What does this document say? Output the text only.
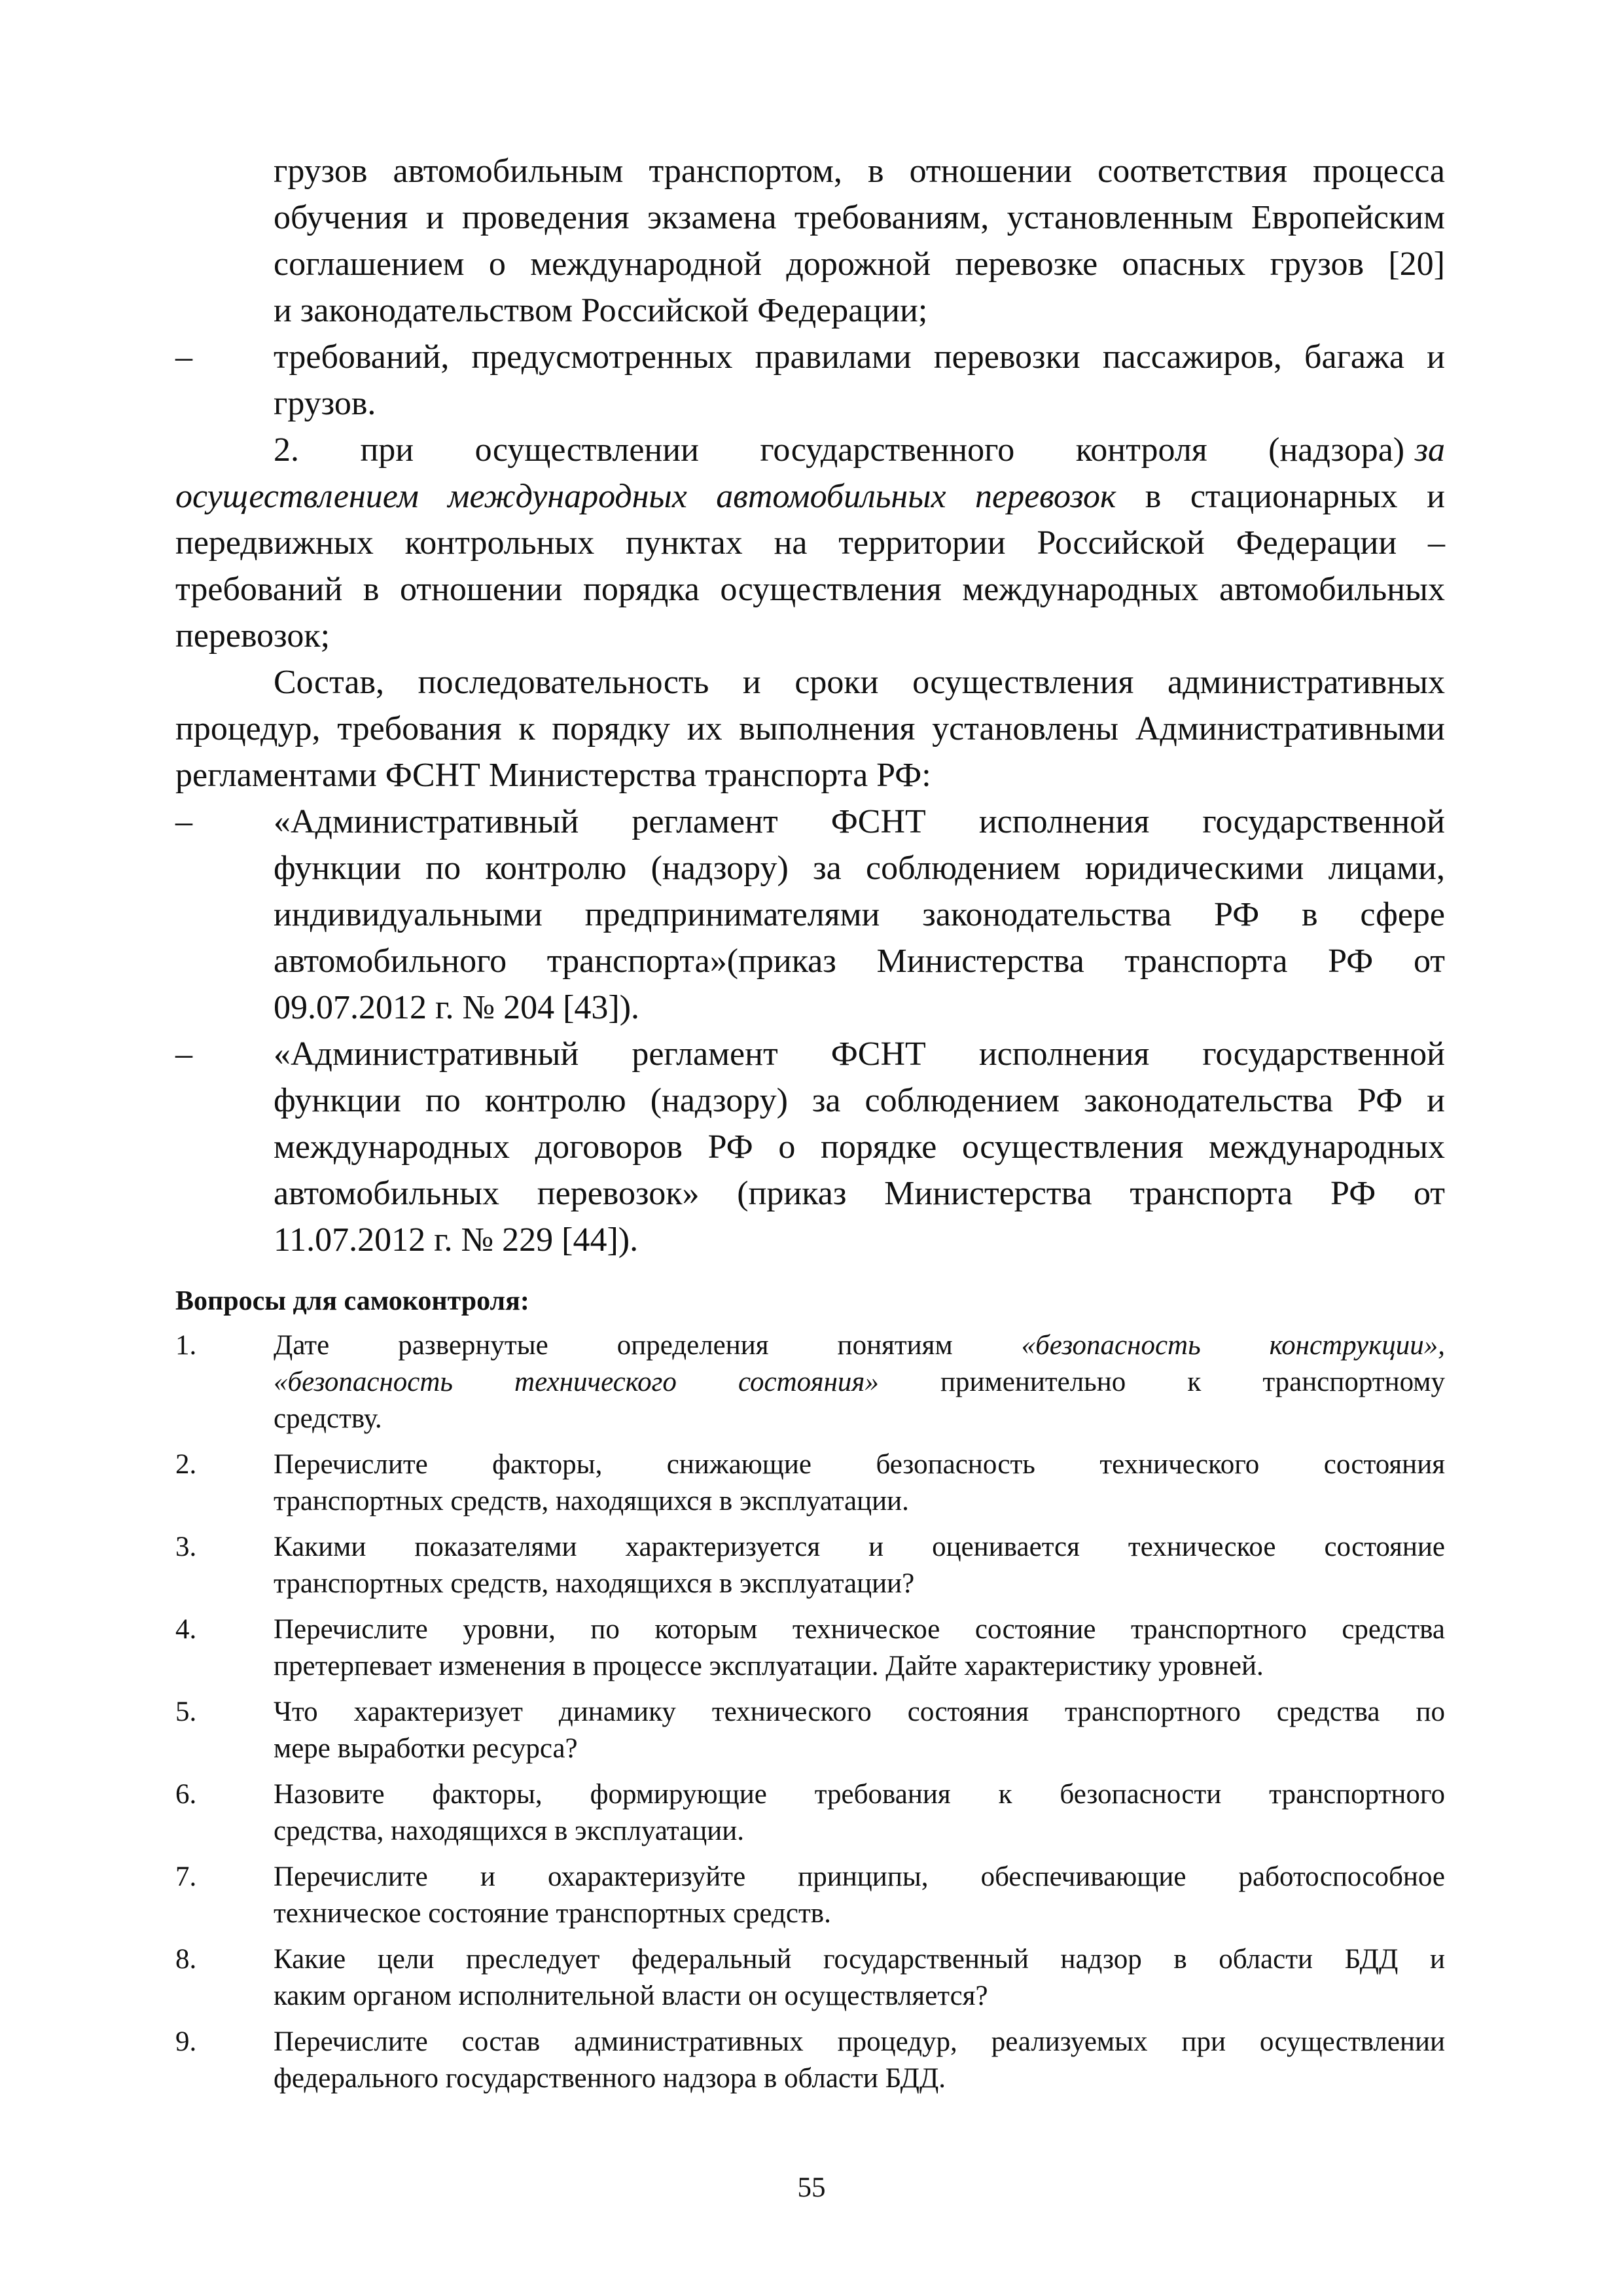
грузов автомобильным транспортом, в отношении соответствия процесса
обучения и проведения экзамена требованиям, установленным Европейским
соглашением о международной дорожной перевозке опасных грузов [20]
и законодательством Российской Федерации;
– требований, предусмотренных правилами перевозки пассажиров, багажа и
грузов.
2.      при      осуществлении      государственного      контроля      (надзора) за
осуществлением международных автомобильных перевозок в стационарных и
передвижных контрольных пунктах на территории Российской Федерации –
требований в отношении порядка осуществления международных автомобильных
перевозок;
Состав, последовательность и сроки осуществления административных
процедур, требования к порядку их выполнения установлены Административными
регламентами ФСНТ Министерства транспорта РФ:
– «Административный регламент ФСНТ исполнения государственной
функции по контролю (надзору) за соблюдением юридическими лицами,
индивидуальными предпринимателями законодательства РФ в сфере
автомобильного транспорта»(приказ Министерства транспорта РФ от
09.07.2012 г. № 204 [43]).
– «Административный регламент ФСНТ исполнения государственной
функции по контролю (надзору) за соблюдением законодательства РФ и
международных договоров РФ о порядке осуществления международных
автомобильных перевозок» (приказ Министерства транспорта РФ от
11.07.2012 г. № 229 [44]).
Вопросы для самоконтроля:
1.	Дате развернутые определения понятиям «безопасность конструкции»,
«безопасность технического состояния» применительно к транспортному
средству.
2.	Перечислите факторы, снижающие безопасность технического состояния
транспортных средств, находящихся в эксплуатации.
3.	Какими показателями характеризуется и оценивается техническое состояние
транспортных средств, находящихся в эксплуатации?
4.	Перечислите уровни, по которым техническое состояние транспортного средства
претерпевает изменения в процессе эксплуатации. Дайте характеристику уровней.
5.	Что характеризует динамику технического состояния транспортного средства по
мере выработки ресурса?
6.	Назовите факторы, формирующие требования к безопасности транспортного
средства, находящихся в эксплуатации.
7.	Перечислите и охарактеризуйте принципы, обеспечивающие работоспособное
техническое состояние транспортных средств.
8.	Какие цели преследует федеральный государственный надзор в области БДД и
каким органом исполнительной власти он осуществляется?
9.	Перечислите состав административных процедур, реализуемых при осуществлении
федерального государственного надзора в области БДД.
55
